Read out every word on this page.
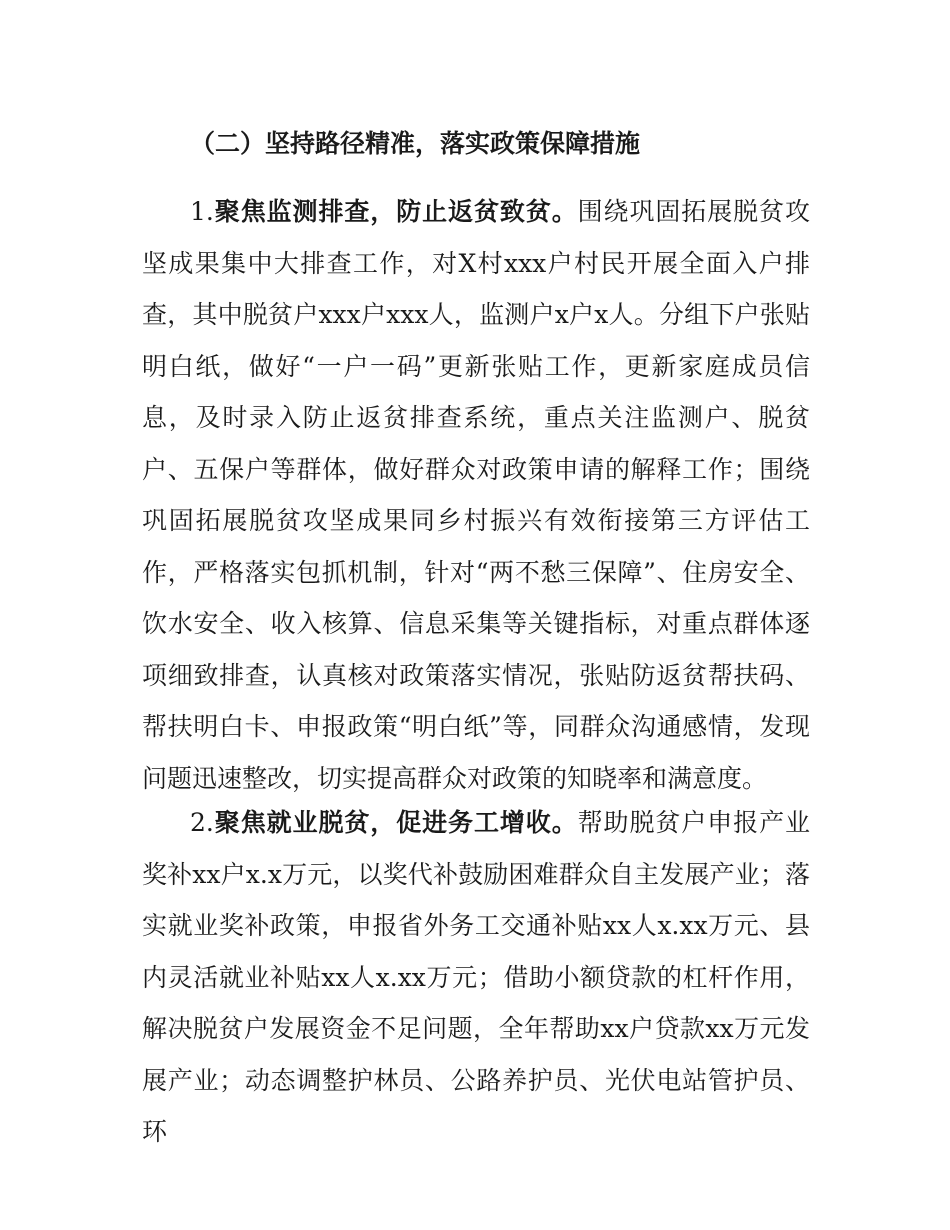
（二）坚持路径精准，落实政策保障措施

1.聚焦监测排查，防止返贫致贫。围绕巩固拓展脱贫攻坚成果集中大排查工作，对X村xxx户村民开展全面入户排查，其中脱贫户xxx户xxx人，监测户x户x人。分组下户张贴明白纸，做好“一户一码”更新张贴工作，更新家庭成员信息，及时录入防止返贫排查系统，重点关注监测户、脱贫户、五保户等群体，做好群众对政策申请的解释工作；围绕巩固拓展脱贫攻坚成果同乡村振兴有效衔接第三方评估工作，严格落实包抓机制，针对“两不愁三保障”、住房安全、饮水安全、收入核算、信息采集等关键指标，对重点群体逐项细致排查，认真核对政策落实情况，张贴防返贫帮扶码、帮扶明白卡、申报政策“明白纸”等，同群众沟通感情，发现问题迅速整改，切实提高群众对政策的知晓率和满意度。

2.聚焦就业脱贫，促进务工增收。帮助脱贫户申报产业奖补xx户x.x万元，以奖代补鼓励困难群众自主发展产业；落实就业奖补政策，申报省外务工交通补贴xx人x.xx万元、县内灵活就业补贴xx人x.xx万元；借助小额贷款的杠杆作用，解决脱贫户发展资金不足问题，全年帮助xx户贷款xx万元发展产业；动态调整护林员、公路养护员、光伏电站管护员、环
